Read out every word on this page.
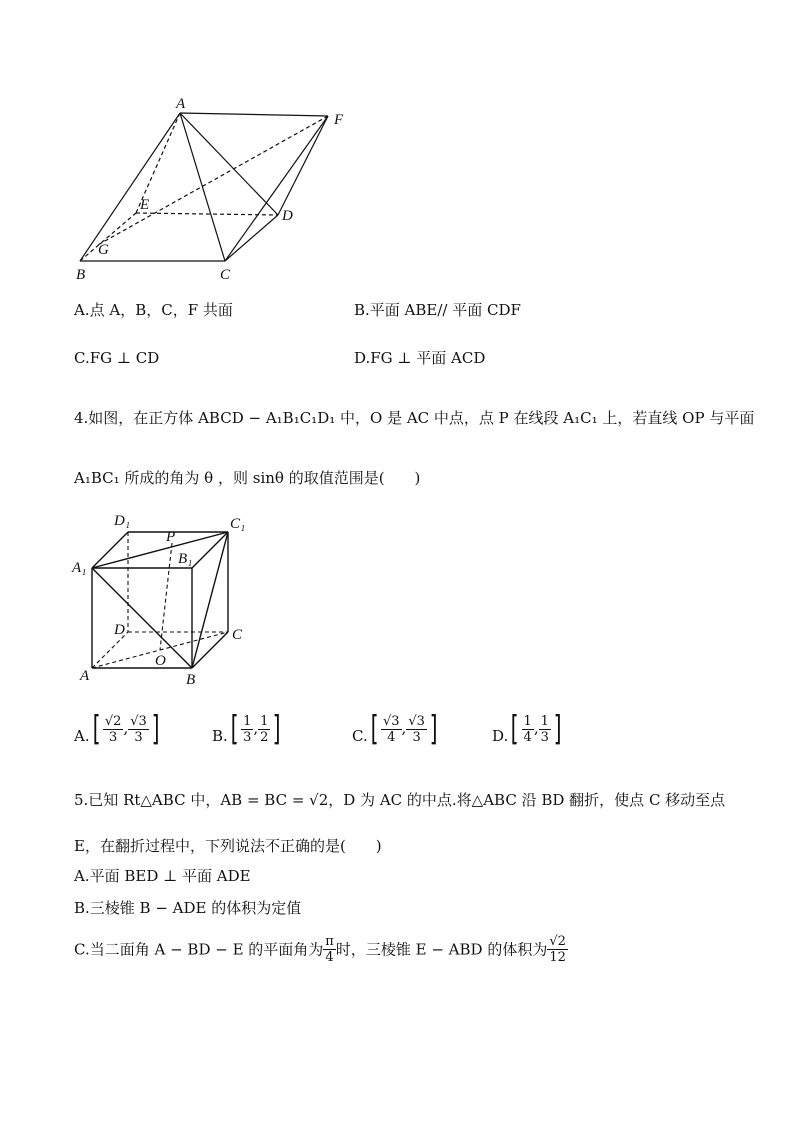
A
F
E
D
G
B	C
A.点 A，B，C，F 共面	B.平面 ABE// 平面 CDF
C.FG ⊥ CD	D.FG ⊥ 平面 ACD
4.如图，在正方体 ABCD − A₁B₁C₁D₁ 中，O 是 AC 中点，点 P 在线段 A₁C₁ 上，若直线 OP 与平面
A₁BC₁ 所成的角为 θ ，则 sinθ 的取值范围是(　　)
D₁	C₁
A₁
P
B₁
D	C
A
O
B
$A.[ \frac{√2}{3}$ , $\frac{√3}{3}$ ]	$B.[ \frac{1}{3}$ , $\frac{1}{2}$ ]	$C.[ \frac{√3}{4}$ , $\frac{√3}{3}$ ]	$D.[ \frac{1}{4}$ , $\frac{1}{3}$ ]
5.已知 Rt△ABC 中，AB = BC = √2，D 为 AC 的中点.将△ABC 沿 BD 翻折，使点 C 移动至点
E，在翻折过程中，下列说法不正确的是(　　)
A.平面 BED ⊥ 平面 ADE
B.三棱锥 B − ADE 的体积为定值
C.当二面角 A − BD − E 的平面角为 $\frac{\pi}{4}$ 时，三棱锥 E − ABD 的体积为 $\frac{√2}{12}$
